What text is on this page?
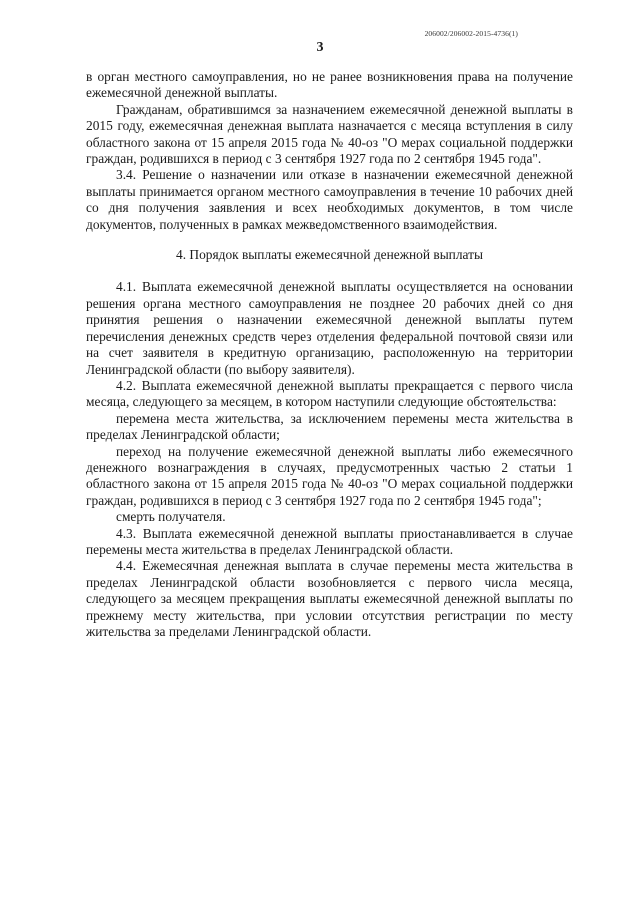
206002/206002-2015-4736(1)
3

в орган местного самоуправления, но не ранее возникновения права на получение ежемесячной денежной выплаты.

Гражданам, обратившимся за назначением ежемесячной денежной выплаты в 2015 году, ежемесячная денежная выплата назначается с месяца вступления в силу областного закона от 15 апреля 2015 года № 40-оз "О мерах социальной поддержки граждан, родившихся в период с 3 сентября 1927 года по 2 сентября 1945 года".

3.4. Решение о назначении или отказе в назначении ежемесячной денежной выплаты принимается органом местного самоуправления в течение 10 рабочих дней со дня получения заявления и всех необходимых документов, в том числе документов, полученных в рамках межведомственного взаимодействия.

4. Порядок выплаты ежемесячной денежной выплаты

4.1. Выплата ежемесячной денежной выплаты осуществляется на основании решения органа местного самоуправления не позднее 20 рабочих дней со дня принятия решения о назначении ежемесячной денежной выплаты путем перечисления денежных средств через отделения федеральной почтовой связи или на счет заявителя в кредитную организацию, расположенную на территории Ленинградской области (по выбору заявителя).

4.2. Выплата ежемесячной денежной выплаты прекращается с первого числа месяца, следующего за месяцем, в котором наступили следующие обстоятельства:

перемена места жительства, за исключением перемены места жительства в пределах Ленинградской области;

переход на получение ежемесячной денежной выплаты либо ежемесячного денежного вознаграждения в случаях, предусмотренных частью 2 статьи 1 областного закона от 15 апреля 2015 года № 40-оз "О мерах социальной поддержки граждан, родившихся в период с 3 сентября 1927 года по 2 сентября 1945 года";

смерть получателя.

4.3. Выплата ежемесячной денежной выплаты приостанавливается в случае перемены места жительства в пределах Ленинградской области.

4.4. Ежемесячная денежная выплата в случае перемены места жительства в пределах Ленинградской области возобновляется с первого числа месяца, следующего за месяцем прекращения выплаты ежемесячной денежной выплаты по прежнему месту жительства, при условии отсутствия регистрации по месту жительства за пределами Ленинградской области.
